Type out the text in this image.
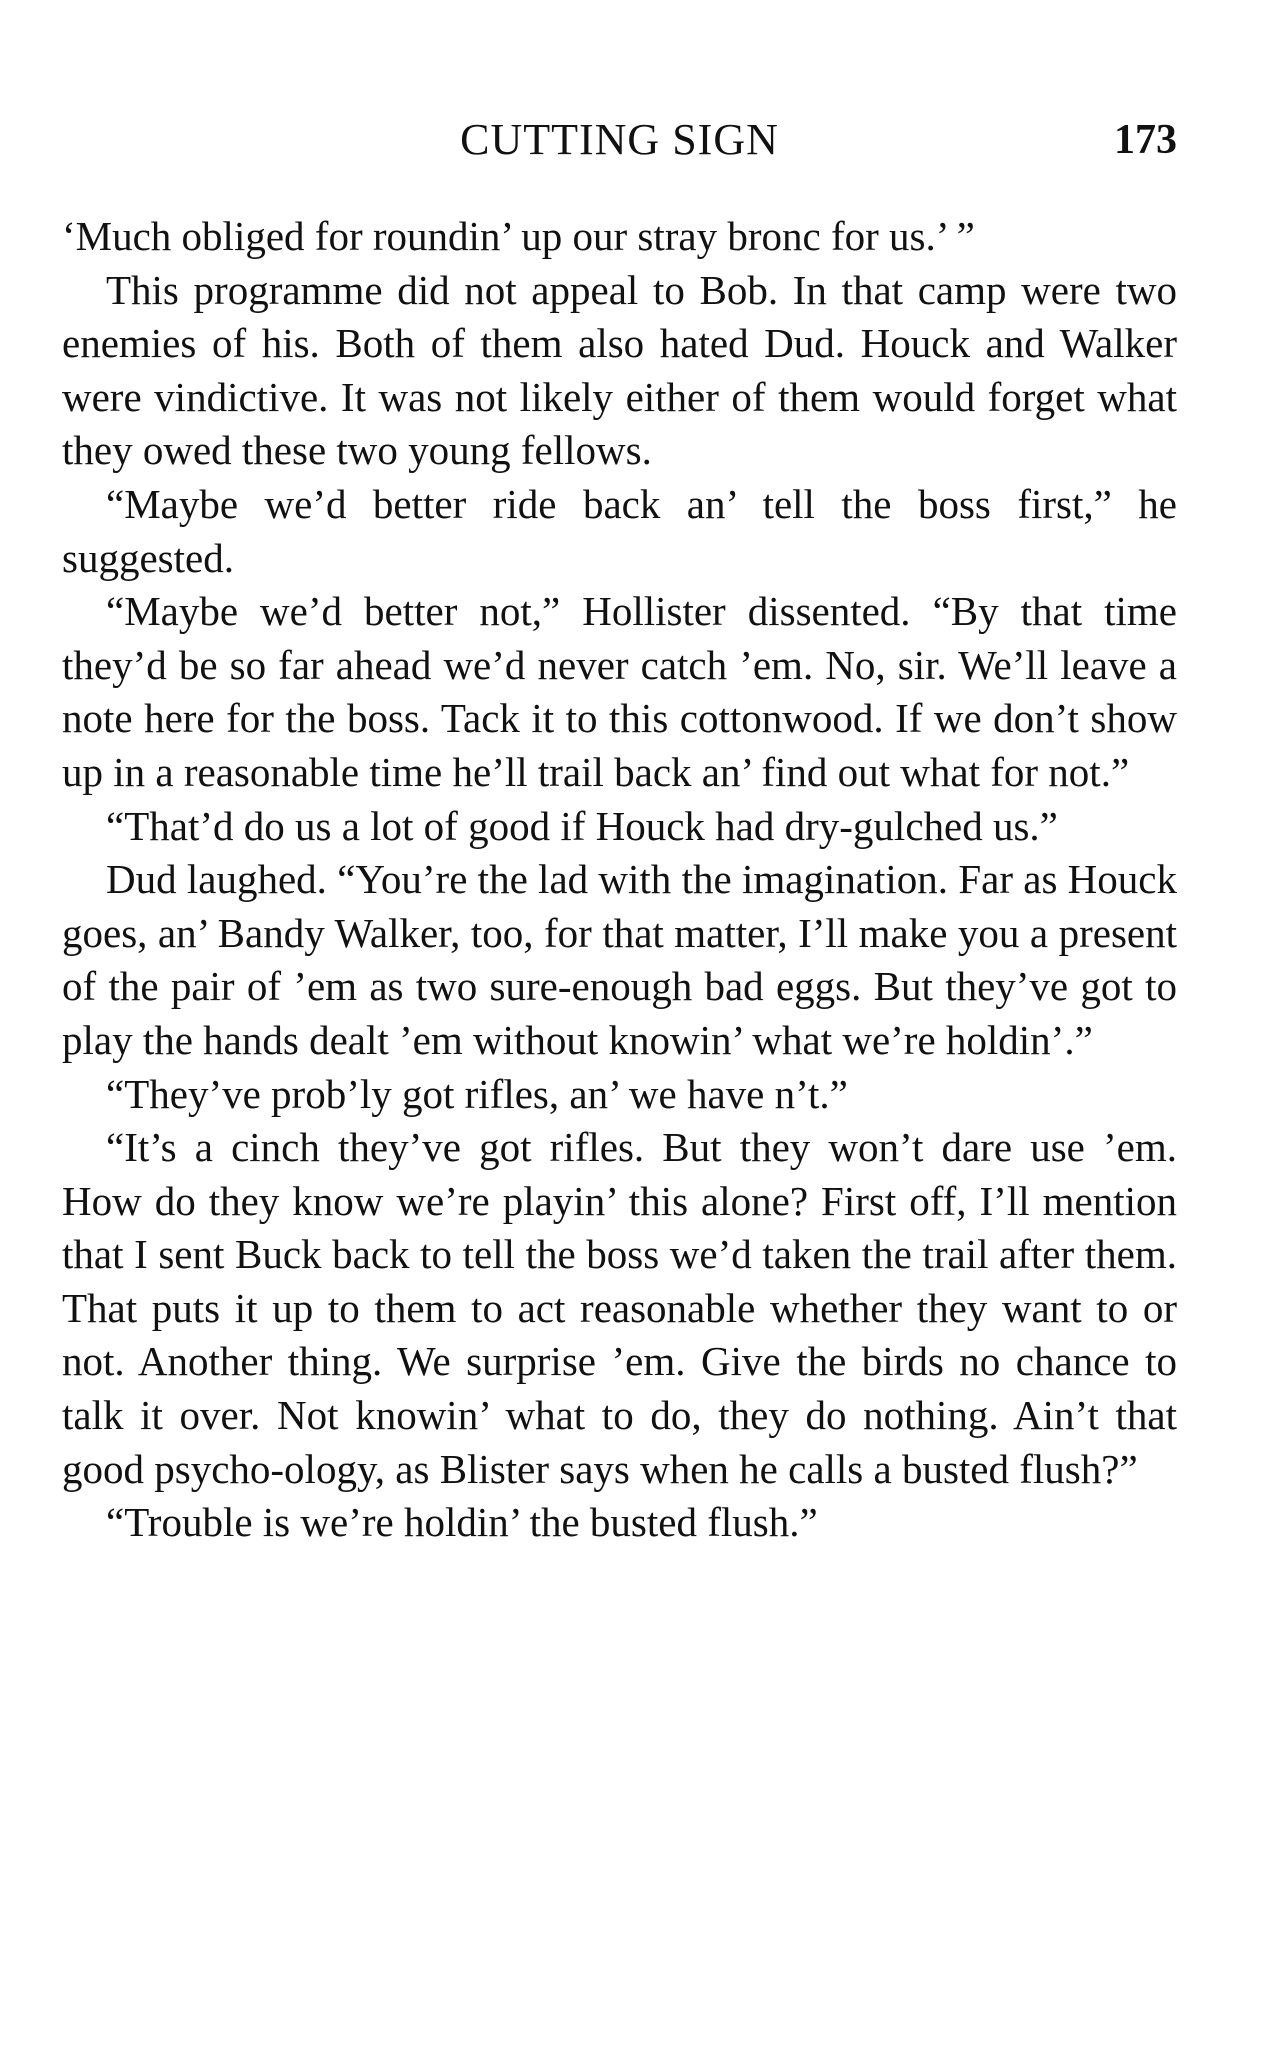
CUTTING SIGN	173

‘Much obliged for roundin’ up our stray bronc for us.’ ”

This programme did not appeal to Bob. In that camp were two enemies of his. Both of them also hated Dud. Houck and Walker were vindictive. It was not likely either of them would forget what they owed these two young fellows.

“Maybe we’d better ride back an’ tell the boss first,” he suggested.

“Maybe we’d better not,” Hollister dissented. “By that time they’d be so far ahead we’d never catch ’em. No, sir. We’ll leave a note here for the boss. Tack it to this cottonwood. If we don’t show up in a reasonable time he’ll trail back an’ find out what for not.”

“That’d do us a lot of good if Houck had dry-gulched us.”

Dud laughed. “You’re the lad with the imagination. Far as Houck goes, an’ Bandy Walker, too, for that matter, I’ll make you a present of the pair of ’em as two sure-enough bad eggs. But they’ve got to play the hands dealt ’em without knowin’ what we’re holdin’.”

“They’ve prob’ly got rifles, an’ we have n’t.”

“It’s a cinch they’ve got rifles. But they won’t dare use ’em. How do they know we’re playin’ this alone? First off, I’ll mention that I sent Buck back to tell the boss we’d taken the trail after them. That puts it up to them to act reasonable whether they want to or not. Another thing. We surprise ’em. Give the birds no chance to talk it over. Not knowin’ what to do, they do nothing. Ain’t that good psycho-ology, as Blister says when he calls a busted flush?”

“Trouble is we’re holdin’ the busted flush.”
